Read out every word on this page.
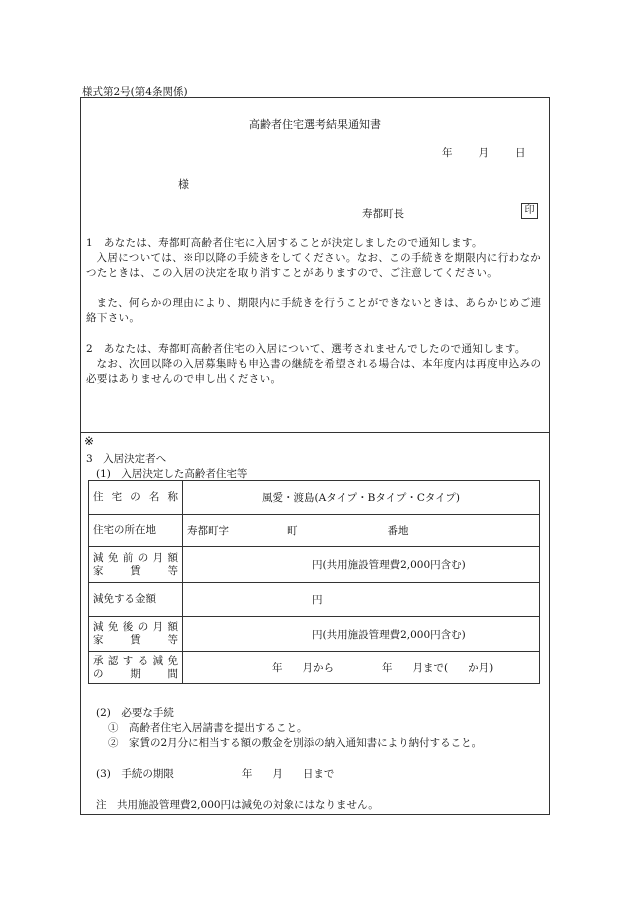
様式第2号(第4条関係)
高齢者住宅選考結果通知書
年 月 日
様
寿都町長	印
1　あなたは、寿都町高齢者住宅に入居することが決定しましたので通知します。
入居については、※印以降の手続きをしてください。なお、この手続きを期限内に行わなかつたときは、この入居の決定を取り消すことがありますので、ご注意してください。
また、何らかの理由により、期限内に手続きを行うことができないときは、あらかじめご連絡下さい。
2　あなたは、寿都町高齢者住宅の入居について、選考されませんでしたので通知します。
なお、次回以降の入居募集時も申込書の継続を希望される場合は、本年度内は再度申込みの必要はありませんので申し出ください。
※
3　入居決定者へ
(1)　入居決定した高齢者住宅等
住宅の名称	風愛・渡島(Aタイプ・Bタイプ・Cタイプ)
住宅の所在地	寿都町字 町 番地

減免前の月額
家賃等	円(共用施設管理費2,000円含む)
減免する金額	円

減免後の月額
家賃等	円(共用施設管理費2,000円含む)

承認する減免
の期間	年 月から 年 月まで( か月)
(2)　必要な手続
①　高齢者住宅入居請書を提出すること。
②　家賃の2月分に相当する額の敷金を別添の納入通知書により納付すること。
(3)　手続の期限	年 月 日まで
注　共用施設管理費2,000円は減免の対象にはなりません。
